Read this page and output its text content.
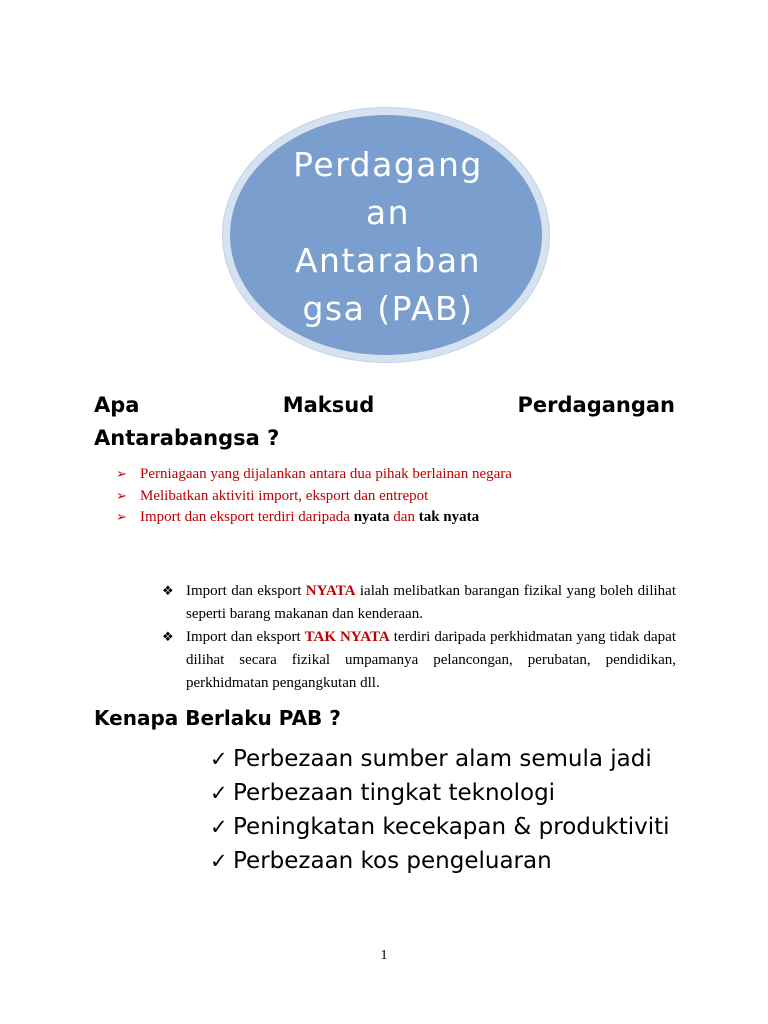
Perdagang
an
Antaraban
gsa (PAB)
Apa	Maksud	Perdagangan
Antarabangsa ?
➢ Perniagaan yang dijalankan antara dua pihak berlainan negara
➢ Melibatkan aktiviti import, eksport dan entrepot
➢ Import dan eksport terdiri daripada nyata dan tak nyata
❖ Import dan eksport NYATA ialah melibatkan barangan fizikal yang boleh dilihat seperti barang makanan dan kenderaan.
❖ Import dan eksport TAK NYATA terdiri daripada perkhidmatan yang tidak dapat dilihat secara fizikal umpamanya pelancongan, perubatan, pendidikan, perkhidmatan pengangkutan dll.
Kenapa Berlaku PAB ?
✓ Perbezaan sumber alam semula jadi
✓ Perbezaan tingkat teknologi
✓ Peningkatan kecekapan & produktiviti
✓ Perbezaan kos pengeluaran
1
